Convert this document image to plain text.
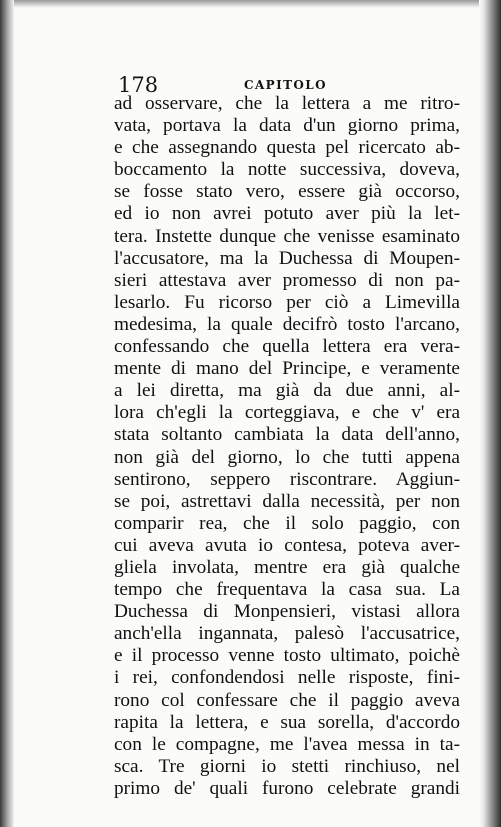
178	CAPITOLO
ad osservare, che la lettera a me ritro-
vata, portava la data d'un giorno prima,
e che assegnando questa pel ricercato ab-
boccamento la notte successiva, doveva,
se fosse stato vero, essere già occorso,
ed io non avrei potuto aver più la let-
tera. Instette dunque che venisse esaminato
l'accusatore, ma la Duchessa di Moupen-
sieri attestava aver promesso di non pa-
lesarlo. Fu ricorso per ciò a Limevilla
medesima, la quale decifrò tosto l'arcano,
confessando che quella lettera era vera-
mente di mano del Principe, e veramente
a lei diretta, ma già da due anni, al-
lora ch'egli la corteggiava, e che v' era
stata soltanto cambiata la data dell'anno,
non già del giorno, lo che tutti appena
sentirono, seppero riscontrare. Aggiun-
se poi, astrettavi dalla necessità, per non
comparir rea, che il solo paggio, con
cui aveva avuta io contesa, poteva aver-
gliela involata, mentre era già qualche
tempo che frequentava la casa sua. La
Duchessa di Monpensieri, vistasi allora
anch'ella ingannata, palesò l'accusatrice,
e il processo venne tosto ultimato, poichè
i rei, confondendosi nelle risposte, fini-
rono col confessare che il paggio aveva
rapita la lettera, e sua sorella, d'accordo
con le compagne, me l'avea messa in ta-
sca. Tre giorni io stetti rinchiuso, nel
primo de' quali furono celebrate grandi
